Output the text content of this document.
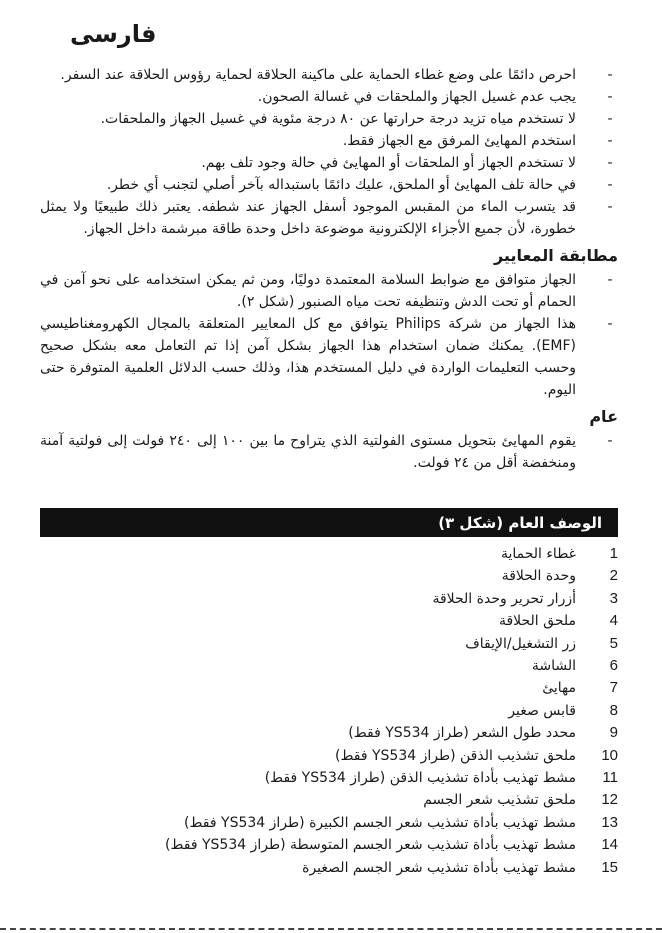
فارسی
-
احرص دائمًا على وضع غطاء الحماية على ماكينة الحلاقة لحماية رؤوس الحلاقة عند السفر.
-
يجب عدم غسيل الجهاز والملحقات في غسالة الصحون.
-
لا تستخدم مياه تزيد درجة حرارتها عن ٨٠ درجة مئوية في غسيل الجهاز والملحقات.
-
استخدم المهايئ المرفق مع الجهاز فقط.
-
لا تستخدم الجهاز أو الملحقات أو المهايئ في حالة وجود تلف بهم.
-
في حالة تلف المهايئ أو الملحق، عليك دائمًا باستبداله بآخر أصلي لتجنب أي خطر.
-
قد يتسرب الماء من المقبس الموجود أسفل الجهاز عند شطفه. يعتبر ذلك طبيعيًا ولا يمثل خطورة، لأن جميع الأجزاء الإلكترونية موضوعة داخل وحدة طاقة مبرشمة داخل الجهاز.
مطابقة المعايير
-
الجهاز متوافق مع ضوابط السلامة المعتمدة دوليًا، ومن ثم يمكن استخدامه على نحو آمن في الحمام أو تحت الدش وتنظيفه تحت مياه الصنبور (شكل ٢).
-
هذا الجهاز من شركة Philips يتوافق مع كل المعايير المتعلقة بالمجال الكهرومغناطيسي (EMF). يمكنك ضمان استخدام هذا الجهاز بشكل آمن إذا تم التعامل معه بشكل صحيح وحسب التعليمات الواردة في دليل المستخدم هذا، وذلك حسب الدلائل العلمية المتوفرة حتى اليوم.
عام
-
يقوم المهايئ بتحويل مستوى الفولتية الذي يتراوح ما بين ١٠٠ إلى ٢٤٠ فولت إلى فولتية آمنة ومنخفضة أقل من ٢٤ فولت.
الوصف العام (شكل ٣)
1
غطاء الحماية
2
وحدة الحلاقة
3
أزرار تحرير وحدة الحلاقة
4
ملحق الحلاقة
5
زر التشغيل/الإيقاف
6
الشاشة
7
مهايئ
8
قابس صغير
9
محدد طول الشعر (طراز YS534 فقط)
10
ملحق تشذيب الذقن (طراز YS534 فقط)
11
مشط تهذيب بأداة تشذيب الذقن (طراز YS534 فقط)
12
ملحق تشذيب شعر الجسم
13
مشط تهذيب بأداة تشذيب شعر الجسم الكبيرة (طراز YS534 فقط)
14
مشط تهذيب بأداة تشذيب شعر الجسم المتوسطة (طراز YS534 فقط)
15
مشط تهذيب بأداة تشذيب شعر الجسم الصغيرة
